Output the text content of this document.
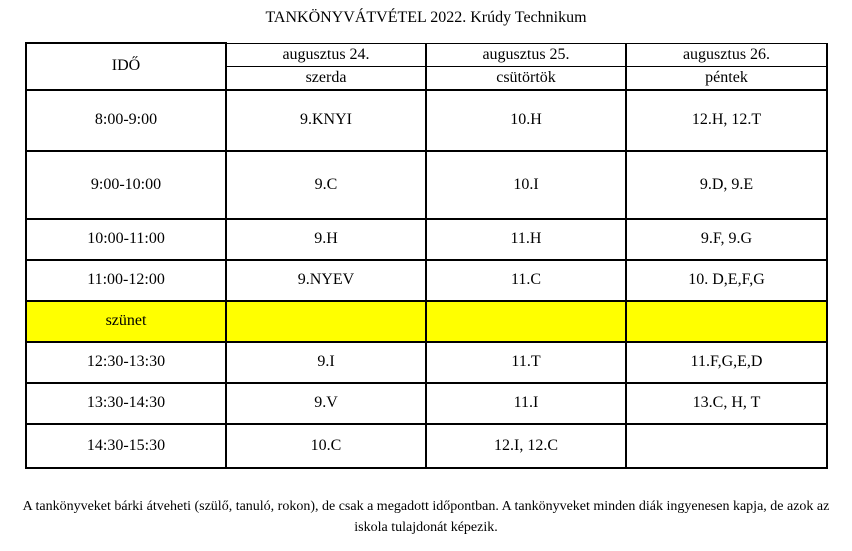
TANKÖNYVÁTVÉTEL 2022. Krúdy Technikum
IDŐ	augusztus 24.	augusztus 25.	augusztus 26.
	szerda	csütörtök	péntek
8:00-9:00	9.KNYI	10.H	12.H, 12.T
9:00-10:00	9.C	10.I	9.D, 9.E
10:00-11:00	9.H	11.H	9.F, 9.G
11:00-12:00	9.NYEV	11.C	10. D,E,F,G
szünet			
12:30-13:30	9.I	11.T	11.F,G,E,D
13:30-14:30	9.V	11.I	13.C, H, T
14:30-15:30	10.C	12.I, 12.C	
A tankönyveket bárki átveheti (szülő, tanuló, rokon), de csak a megadott időpontban. A tankönyveket minden diák ingyenesen kapja, de azok az iskola tulajdonát képezik.
